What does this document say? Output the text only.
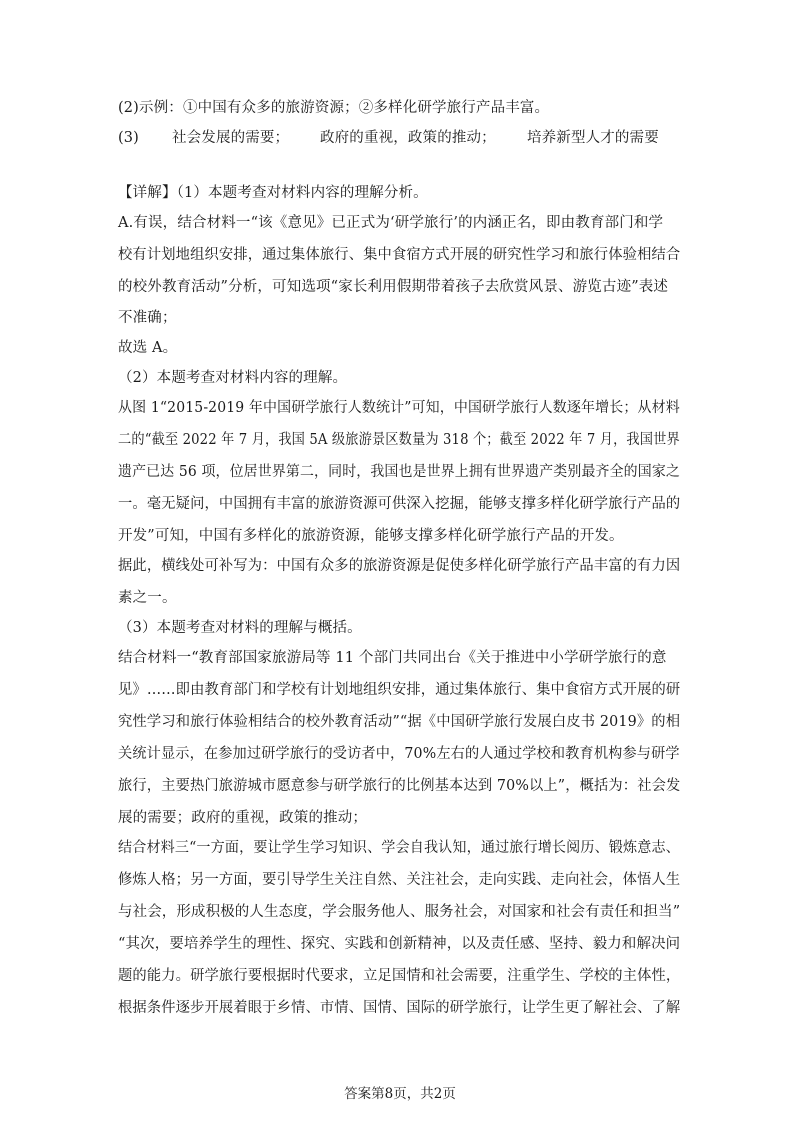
(2)示例：①中国有众多的旅游资源；②多样化研学旅行产品丰富。
(3) 社会发展的需要； 政府的重视，政策的推动； 培养新型人才的需要
【详解】（1）本题考查对材料内容的理解分析。
A.有误，结合材料一“该《意见》已正式为‘研学旅行’的内涵正名，即由教育部门和学
校有计划地组织安排，通过集体旅行、集中食宿方式开展的研究性学习和旅行体验相结合
的校外教育活动”分析，可知选项“家长利用假期带着孩子去欣赏风景、游览古迹”表述
不准确；
故选 A。
（2）本题考查对材料内容的理解。
从图 1“2015-2019 年中国研学旅行人数统计”可知，中国研学旅行人数逐年增长；从材料
二的“截至 2022 年 7 月，我国 5A 级旅游景区数量为 318 个；截至 2022 年 7 月，我国世界
遗产已达 56 项，位居世界第二，同时，我国也是世界上拥有世界遗产类别最齐全的国家之
一。毫无疑问，中国拥有丰富的旅游资源可供深入挖掘，能够支撑多样化研学旅行产品的
开发”可知，中国有多样化的旅游资源，能够支撑多样化研学旅行产品的开发。
据此，横线处可补写为：中国有众多的旅游资源是促使多样化研学旅行产品丰富的有力因
素之一。
（3）本题考查对材料的理解与概括。
结合材料一“教育部国家旅游局等 11 个部门共同出台《关于推进中小学研学旅行的意
见》……即由教育部门和学校有计划地组织安排，通过集体旅行、集中食宿方式开展的研
究性学习和旅行体验相结合的校外教育活动”“据《中国研学旅行发展白皮书 2019》的相
关统计显示，在参加过研学旅行的受访者中，70%左右的人通过学校和教育机构参与研学
旅行，主要热门旅游城市愿意参与研学旅行的比例基本达到 70%以上”，概括为：社会发
展的需要；政府的重视，政策的推动；
结合材料三“一方面，要让学生学习知识、学会自我认知，通过旅行增长阅历、锻炼意志、
修炼人格；另一方面，要引导学生关注自然、关注社会，走向实践、走向社会，体悟人生
与社会，形成积极的人生态度，学会服务他人、服务社会，对国家和社会有责任和担当”
“其次，要培养学生的理性、探究、实践和创新精神，以及责任感、坚持、毅力和解决问
题的能力。研学旅行要根据时代要求，立足国情和社会需要，注重学生、学校的主体性，
根据条件逐步开展着眼于乡情、市情、国情、国际的研学旅行，让学生更了解社会、了解
答案第8页，共2页
